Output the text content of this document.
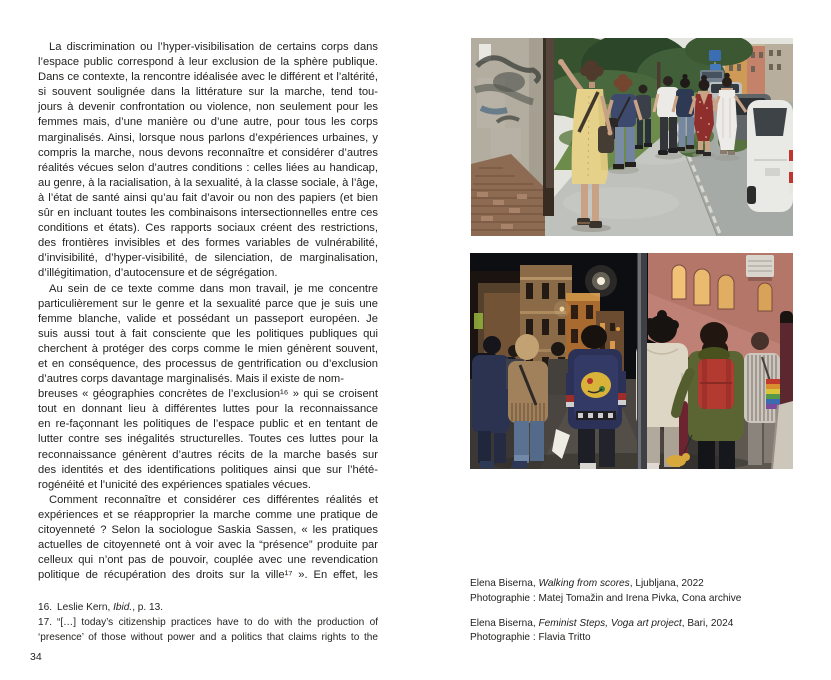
La discrimination ou l’hyper-visibilisation de certains corps dans
l’espace public correspond à leur exclusion de la sphère publique.
Dans ce contexte, la rencontre idéalisée avec le différent et l’altérité,
si souvent soulignée dans la littérature sur la marche, tend tou-
jours à devenir confrontation ou violence, non seulement pour les
femmes mais, d’une manière ou d’une autre, pour tous les corps
marginalisés. Ainsi, lorsque nous parlons d’expériences urbaines, y
compris la marche, nous devons reconnaître et considérer d’autres
réalités vécues selon d’autres conditions : celles liées au handicap,
au genre, à la racialisation, à la sexualité, à la classe sociale, à l’âge,
à l’état de santé ainsi qu’au fait d’avoir ou non des papiers (et bien
sûr en incluant toutes les combinaisons intersectionnelles entre ces
conditions et états). Ces rapports sociaux créent des restrictions,
des frontières invisibles et des formes variables de vulnérabilité,
d’invisibilité, d’hyper-visibilité, de silenciation, de marginalisation,
d’illégitimation, d’autocensure et de ségrégation.
Au sein de ce texte comme dans mon travail, je me concentre
particulièrement sur le genre et la sexualité parce que je suis une
femme blanche, valide et possédant un passeport européen. Je
suis aussi tout à fait consciente que les politiques publiques qui
cherchent à protéger des corps comme le mien génèrent souvent,
et en conséquence, des processus de gentrification ou d’exclusion
d’autres corps davantage marginalisés. Mais il existe de nom-
breuses « géographies concrètes de l’exclusion¹⁶ » qui se croisent
tout en donnant lieu à différentes luttes pour la reconnaissance
en re-façonnant les politiques de l’espace public et en tentant de
lutter contre ses inégalités structurelles. Toutes ces luttes pour la
reconnaissance génèrent d’autres récits de la marche basés sur
des identités et des identifications politiques ainsi que sur l’hété-
rogénéité et l’unicité des expériences spatiales vécues.
Comment reconnaître et considérer ces différentes réalités et
expériences et se réapproprier la marche comme une pratique de
citoyenneté ? Selon la sociologue Saskia Sassen, « les pratiques
actuelles de citoyenneté ont à voir avec la “présence” produite par
celleux qui n’ont pas de pouvoir, couplée avec une revendication
politique de récupération des droits sur la ville¹⁷ ». En effet, les
16. Leslie Kern, Ibid., p. 13.
17. “[…] today’s citizenship practices have to do with the production of
‘presence’ of those without power and a politics that claims rights to the
34
Elena Biserna, Walking from scores, Ljubljana, 2022
Photographie : Matej Tomažin and Irena Pivka, Cona archive
Elena Biserna, Feminist Steps, Voga art project, Bari, 2024
Photographie : Flavia Tritto
